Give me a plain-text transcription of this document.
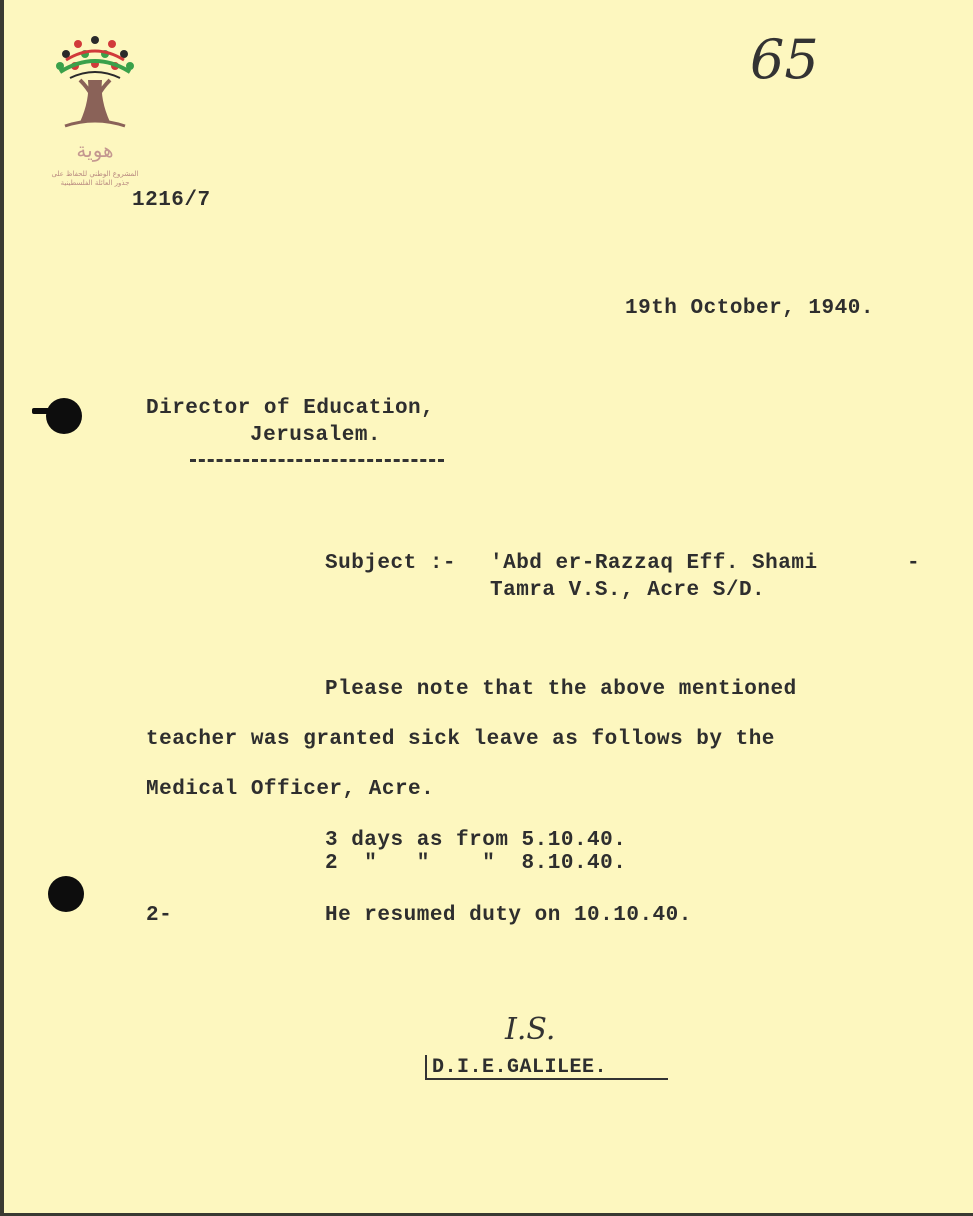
هوية
المشروع الوطني للحفاظ على
جذور العائلة الفلسطينية
65
1216/7
19th October, 1940.
Director of Education,
Jerusalem.
Subject :- 'Abd er-Razzaq Eff. Shami	-
Tamra V.S., Acre S/D.
Please note that the above mentioned
teacher was granted sick leave as follows by the
Medical Officer, Acre.
3 days as from 5.10.40.
2  "   "    "  8.10.40.
2-	He resumed duty on 10.10.40.
I.S.
D.I.E.GALILEE.
